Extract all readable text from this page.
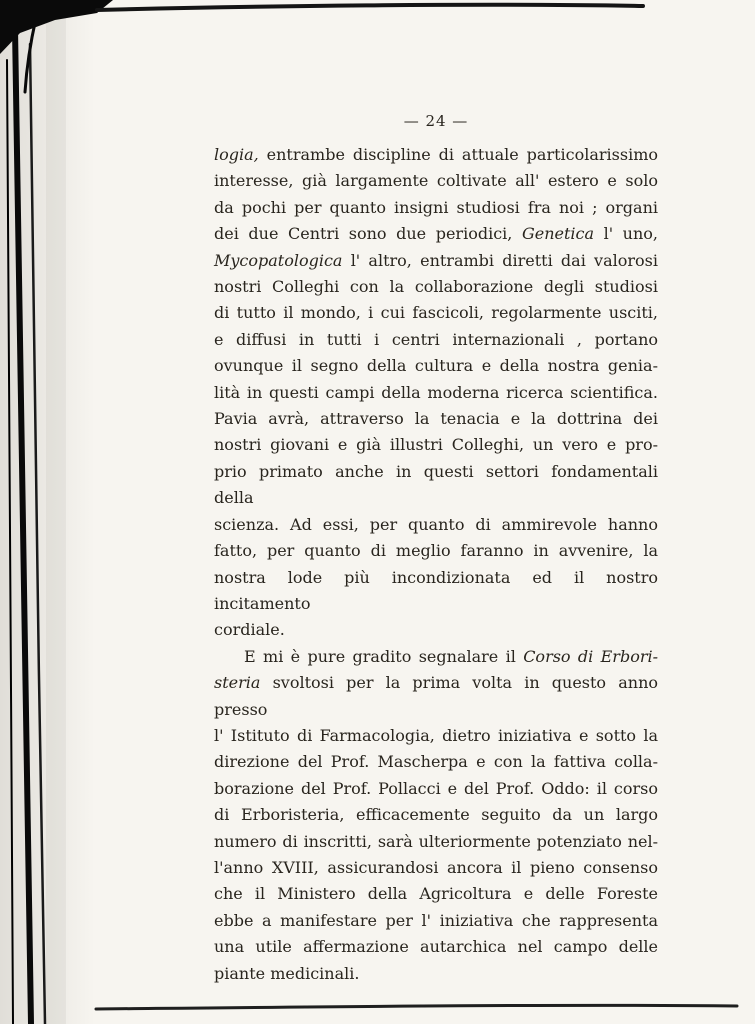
— 24 —
logia, entrambe discipline di attuale particolarissimo
interesse, già largamente coltivate all' estero e solo
da pochi per quanto insigni studiosi fra noi ; organi
dei due Centri sono due periodici, Genetica l' uno,
Mycopatologica l' altro, entrambi diretti dai valorosi
nostri Colleghi con la collaborazione degli studiosi
di tutto il mondo, i cui fascicoli, regolarmente usciti,
e diffusi in tutti i centri internazionali , portano
ovunque il segno della cultura e della nostra genia-
lità in questi campi della moderna ricerca scientifica.
Pavia avrà, attraverso la tenacia e la dottrina dei
nostri giovani e già illustri Colleghi, un vero e pro-
prio primato anche in questi settori fondamentali della
scienza. Ad essi, per quanto di ammirevole hanno
fatto, per quanto di meglio faranno in avvenire, la
nostra lode più incondizionata ed il nostro incitamento
cordiale.
E mi è pure gradito segnalare il Corso di Erbori-
steria svoltosi per la prima volta in questo anno presso
l' Istituto di Farmacologia, dietro iniziativa e sotto la
direzione del Prof. Mascherpa e con la fattiva colla-
borazione del Prof. Pollacci e del Prof. Oddo: il corso
di Erboristeria, efficacemente seguito da un largo
numero di inscritti, sarà ulteriormente potenziato nel-
l'anno XVIII, assicurandosi ancora il pieno consenso
che il Ministero della Agricoltura e delle Foreste
ebbe a manifestare per l' iniziativa che rappresenta
una utile affermazione autarchica nel campo delle
piante medicinali.
